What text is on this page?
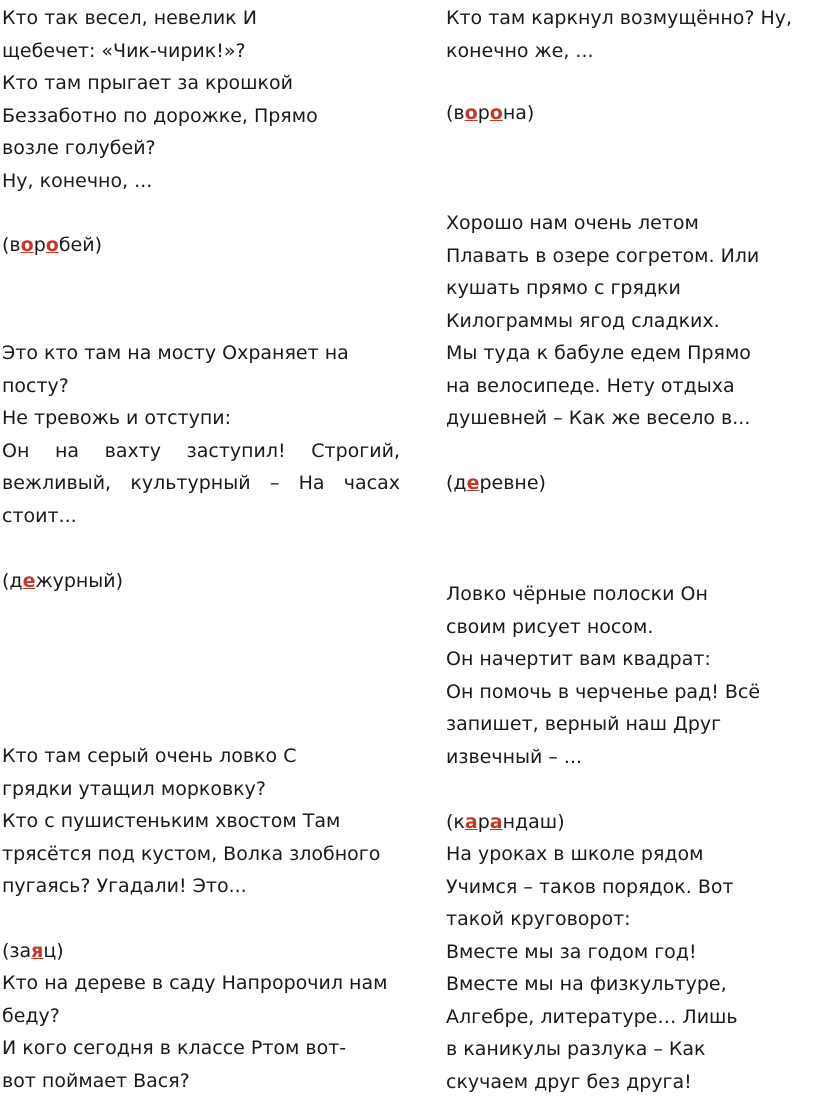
Кто так весел, невелик И
щебечет: «Чик-чирик!»?
Кто там прыгает за крошкой
Беззаботно по дорожке, Прямо
возле голубей?
Ну, конечно, ...
(воробей)
Это кто там на мосту Охраняет на
посту?
Не тревожь и отступи:
Он на вахту заступил! Строгий,
вежливый, культурный – На часах
стоит...
(дежурный)
Кто там серый очень ловко С
грядки утащил морковку?
Кто с пушистеньким хвостом Там
трясётся под кустом, Волка злобного
пугаясь? Угадали! Это...
(заяц)
Кто на дереве в саду Напророчил нам
беду?
И кого сегодня в классе Ртом вот-
вот поймает Вася?
Кто там каркнул возмущённо? Ну,
конечно же, ...
(ворона)
Хорошо нам очень летом
Плавать в озере согретом. Или
кушать прямо с грядки
Килограммы ягод сладких.
Мы туда к бабуле едем Прямо
на велосипеде. Нету отдыха
душевней – Как же весело в...
(деревне)
Ловко чёрные полоски Он
своим рисует носом.
Он начертит вам квадрат:
Он помочь в черченье рад! Всё
запишет, верный наш Друг
извечный – ...
(карандаш)
На уроках в школе рядом
Учимся – таков порядок. Вот
такой круговорот:
Вместе мы за годом год!
Вместе мы на физкультуре,
Алгебре, литературе… Лишь
в каникулы разлука – Как
скучаем друг без друга!
